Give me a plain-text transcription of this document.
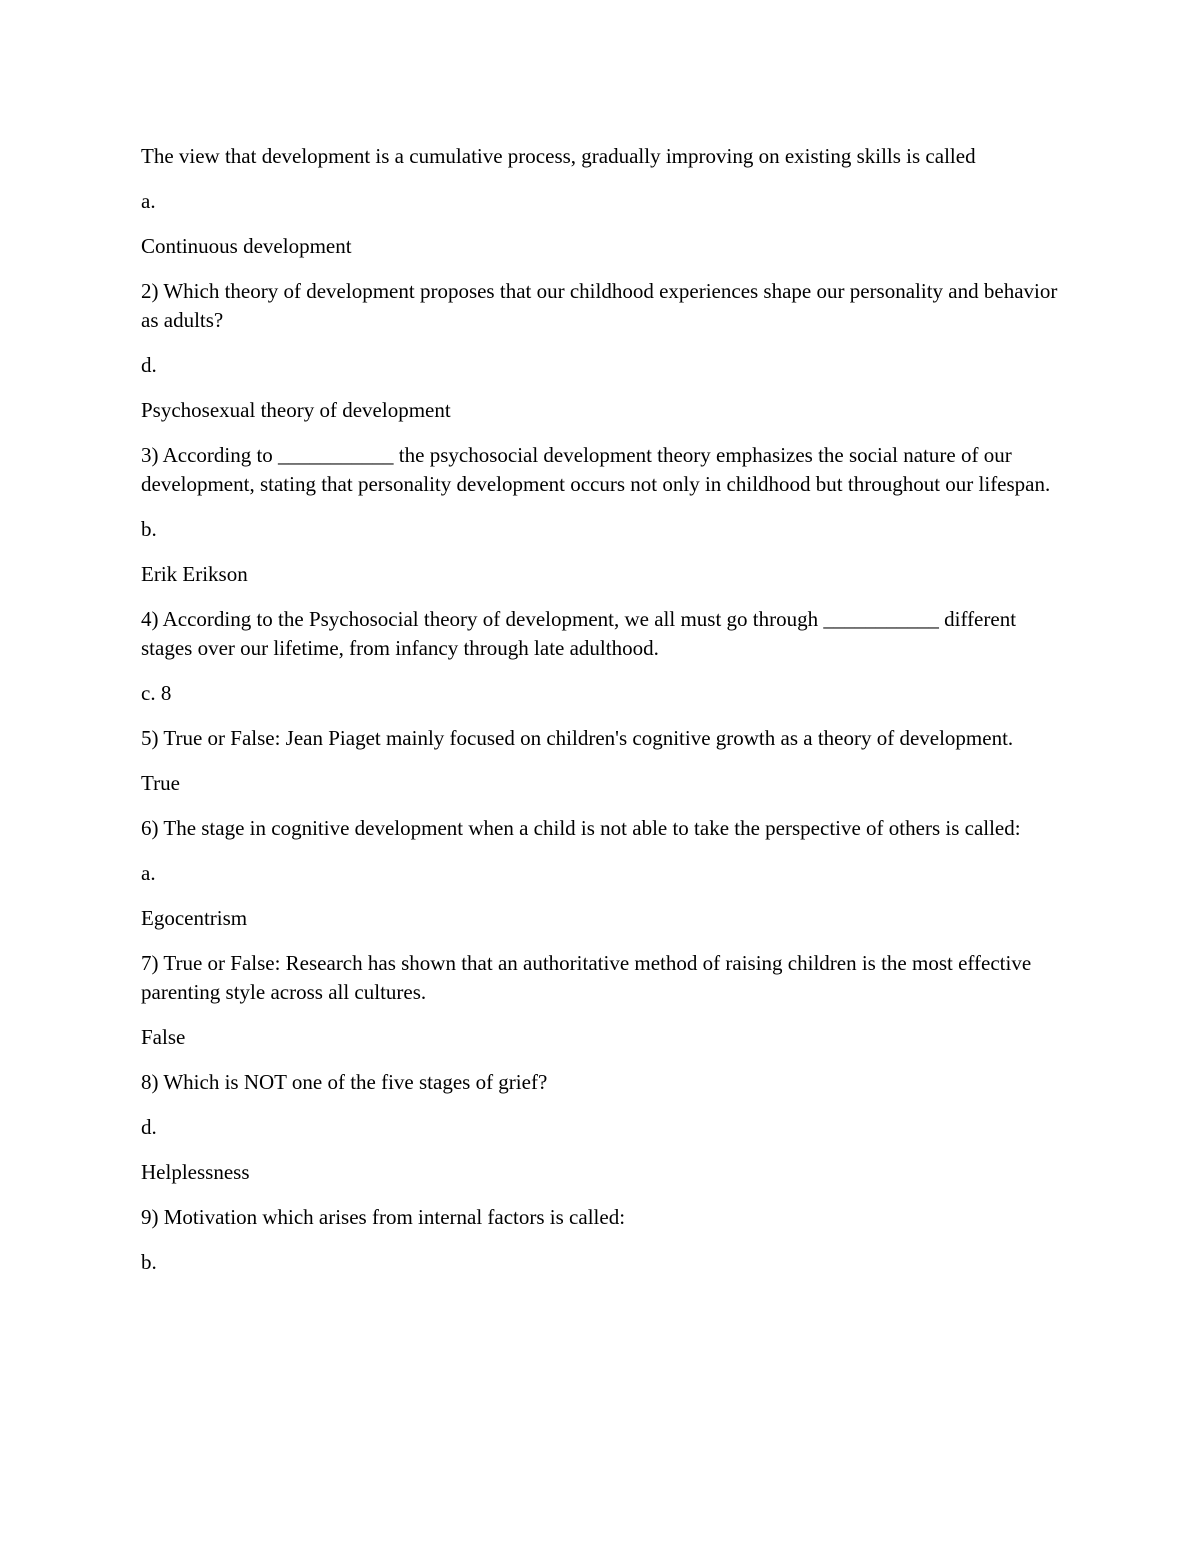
The view that development is a cumulative process, gradually improving on existing skills is called

a.

Continuous development

2) Which theory of development proposes that our childhood experiences shape our personality and behavior as adults?

d.

Psychosexual theory of development

3) According to ___________ the psychosocial development theory emphasizes the social nature of our development, stating that personality development occurs not only in childhood but throughout our lifespan.

b.

Erik Erikson

4) According to the Psychosocial theory of development, we all must go through ___________ different stages over our lifetime, from infancy through late adulthood.

c. 8

5) True or False: Jean Piaget mainly focused on children's cognitive growth as a theory of development.

True

6) The stage in cognitive development when a child is not able to take the perspective of others is called:

a.

Egocentrism

7) True or False: Research has shown that an authoritative method of raising children is the most effective parenting style across all cultures.

False

8) Which is NOT one of the five stages of grief?

d.

Helplessness

9) Motivation which arises from internal factors is called:

b.
